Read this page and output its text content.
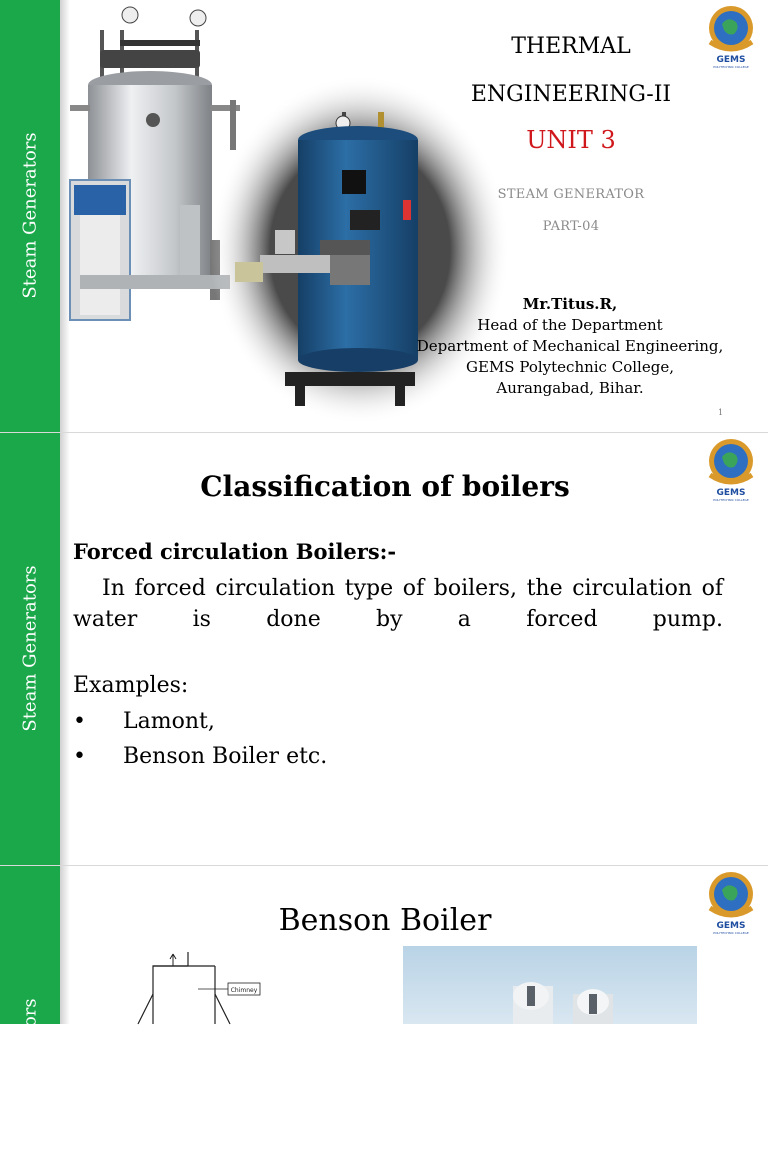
Steam Generators
GEMS
POLYTECHNIC COLLEGE
THERMAL
ENGINEERING-II
UNIT 3
STEAM GENERATOR
PART-04
Mr.Titus.R,
Head of the Department
Department of Mechanical Engineering,
GEMS Polytechnic College,
Aurangabad, Bihar.
1
Steam Generators
GEMS
POLYTECHNIC COLLEGE
Classification of boilers
Forced circulation Boilers:-
In forced circulation type of boilers, the circulation of water is done by a forced pump.
Examples:
• Lamont,
• Benson Boiler etc.
Steam Generators
GEMS
POLYTECHNIC COLLEGE
Benson Boiler
Chimney
